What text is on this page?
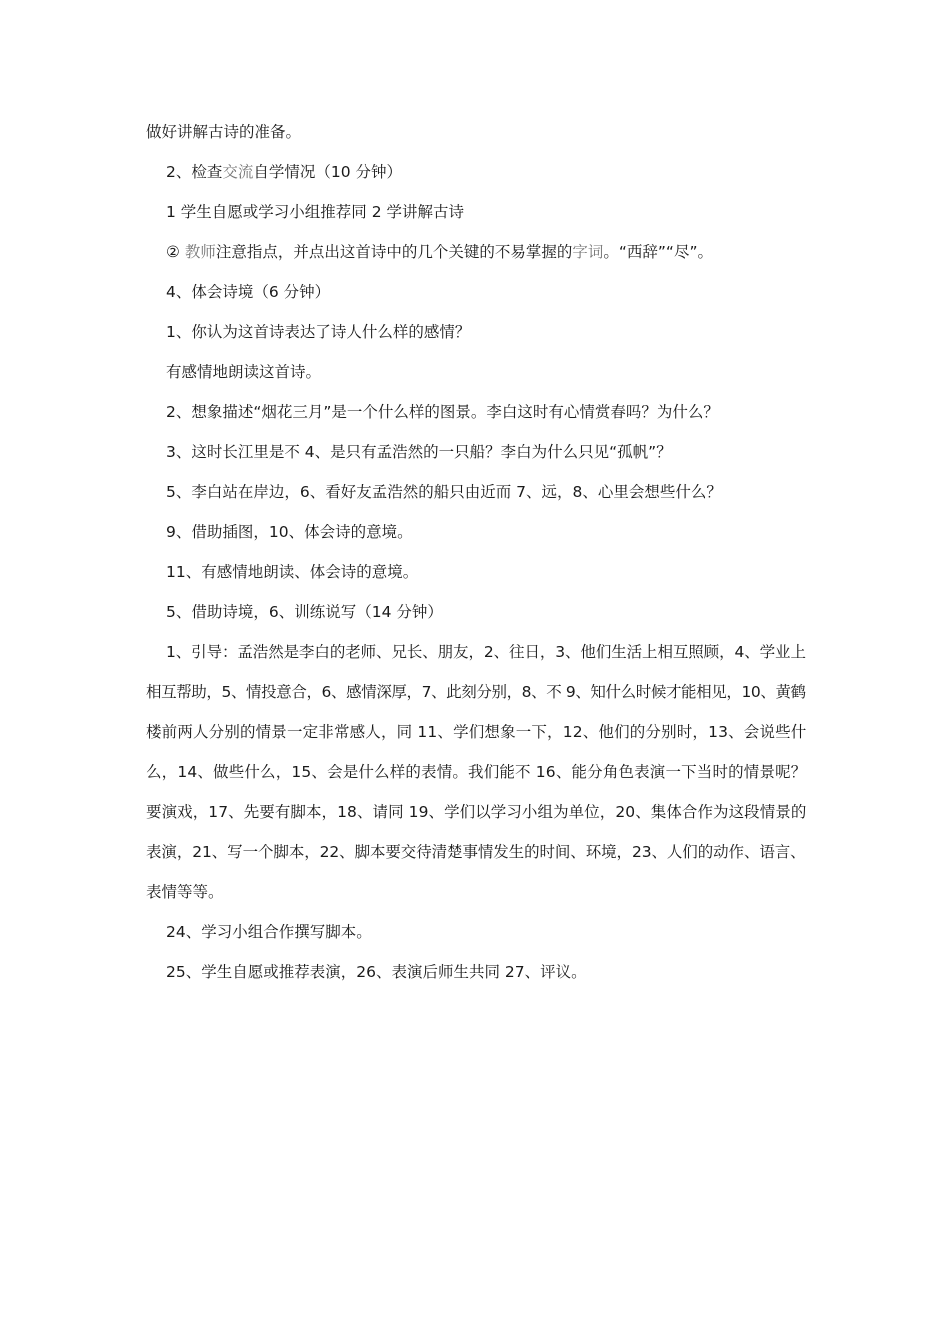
做好讲解古诗的准备。
2、检查交流自学情况（10 分钟）
1 学生自愿或学习小组推荐同 2 学讲解古诗
② 教师注意指点，并点出这首诗中的几个关键的不易掌握的字词。“西辞”“尽”。
4、体会诗境（6 分钟）
1、你认为这首诗表达了诗人什么样的感情？
有感情地朗读这首诗。
2、想象描述“烟花三月”是一个什么样的图景。李白这时有心情赏春吗？为什么？
3、这时长江里是不 4、是只有孟浩然的一只船？李白为什么只见“孤帆”？
5、李白站在岸边，6、看好友孟浩然的船只由近而 7、远，8、心里会想些什么？
9、借助插图，10、体会诗的意境。
11、有感情地朗读、体会诗的意境。
5、借助诗境，6、训练说写（14 分钟）
1、引导：孟浩然是李白的老师、兄长、朋友，2、往日，3、他们生活上相互照顾，4、学业上
相互帮助，5、情投意合，6、感情深厚，7、此刻分别，8、不 9、知什么时候才能相见，10、黄鹤
楼前两人分别的情景一定非常感人，同 11、学们想象一下，12、他们的分别时，13、会说些什
么，14、做些什么，15、会是什么样的表情。我们能不 16、能分角色表演一下当时的情景呢？
要演戏，17、先要有脚本，18、请同 19、学们以学习小组为单位，20、集体合作为这段情景的
表演，21、写一个脚本，22、脚本要交待清楚事情发生的时间、环境，23、人们的动作、语言、
表情等等。
24、学习小组合作撰写脚本。
25、学生自愿或推荐表演，26、表演后师生共同 27、评议。
